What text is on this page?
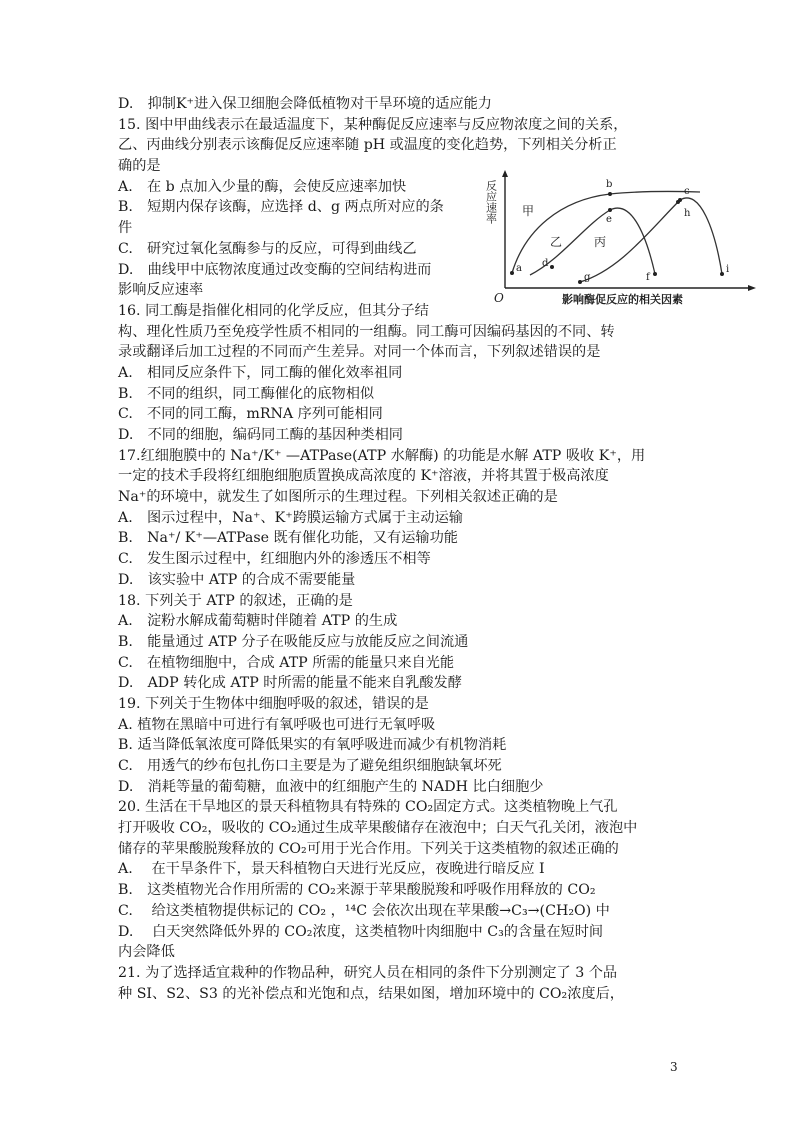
D.　抑制K⁺进入保卫细胞会降低植物对干旱环境的适应能力
15. 图中甲曲线表示在最适温度下，某种酶促反应速率与反应物浓度之间的关系，
乙、丙曲线分别表示该酶促反应速率随 pH 或温度的变化趋势，下列相关分析正
确的是
A.　在 b 点加入少量的酶，会使反应速率加快
B.　短期内保存该酶，应选择 d、g 两点所对应的条
件
C.　研究过氧化氢酶参与的反应，可得到曲线乙
D.　曲线甲中底物浓度通过改变酶的空间结构进而
影响反应速率
16. 同工酶是指催化相同的化学反应，但其分子结
构、理化性质乃至免疫学性质不相同的一组酶。同工酶可因编码基因的不同、转
录或翻译后加工过程的不同而产生差异。对同一个体而言，下列叙述错误的是
A.　相同反应条件下，同工酶的催化效率祖同
B.　不同的组织，同工酶催化的底物相似
C.　不同的同工酶，mRNA 序列可能相同
D.　不同的细胞，编码同工酶的基因种类相同
17.红细胞膜中的 Na⁺/K⁺ —ATPase(ATP 水解酶) 的功能是水解 ATP 吸收 K⁺，用
一定的技术手段将红细胞细胞质置换成高浓度的 K⁺溶液，并将其置于极高浓度
Na⁺的环境中，就发生了如图所示的生理过程。下列相关叙述正确的是
A.　图示过程中，Na⁺、K⁺跨膜运输方式属于主动运输
B.　Na⁺/ K⁺—ATPase 既有催化功能，又有运输功能
C.　发生图示过程中，红细胞内外的渗透压不相等
D.　该实验中 ATP 的合成不需要能量
18. 下列关于 ATP 的叙述，正确的是
A.　淀粉水解成葡萄糖时伴随着 ATP 的生成
B.　能量通过 ATP 分子在吸能反应与放能反应之间流通
C.　在植物细胞中，合成 ATP 所需的能量只来自光能
D.　ADP 转化成 ATP 时所需的能量不能来自乳酸发酵
19. 下列关于生物体中细胞呼吸的叙述，错误的是
A. 植物在黑暗中可进行有氧呼吸也可进行无氧呼吸
B. 适当降低氧浓度可降低果实的有氧呼吸进而减少有机物消耗
C.　用透气的纱布包扎伤口主要是为了避免组织细胞缺氧坏死
D.　消耗等量的葡萄糖，血液中的红细胞产生的 NADH 比白细胞少
20. 生活在干旱地区的景天科植物具有特殊的 CO₂固定方式。这类植物晚上气孔
打开吸收 CO₂，吸收的 CO₂通过生成苹果酸储存在液泡中；白天气孔关闭，液泡中
储存的苹果酸脱羧释放的 CO₂可用于光合作用。下列关于这类植物的叙述正确的
A.　 在干旱条件下，景天科植物白天进行光反应，夜晚进行暗反应 I
B.　这类植物光合作用所需的 CO₂来源于苹果酸脱羧和呼吸作用释放的 CO₂
C.　 给这类植物提供标记的 CO₂ ，¹⁴C 会依次出现在苹果酸→C₃→(CH₂O) 中
D.　 白天突然降低外界的 CO₂浓度，这类植物叶肉细胞中 C₃的含量在短时间
内会降低
21. 为了选择适宜栽种的作物品种，研究人员在相同的条件下分别测定了 3 个品
种 SI、S2、S3 的光补偿点和光饱和点，结果如图，增加环境中的 CO₂浓度后，
反应速率
O	影响酶促反应的相关因素
甲
乙	丙
a
b
c
d
e
f
g
h
i
3
